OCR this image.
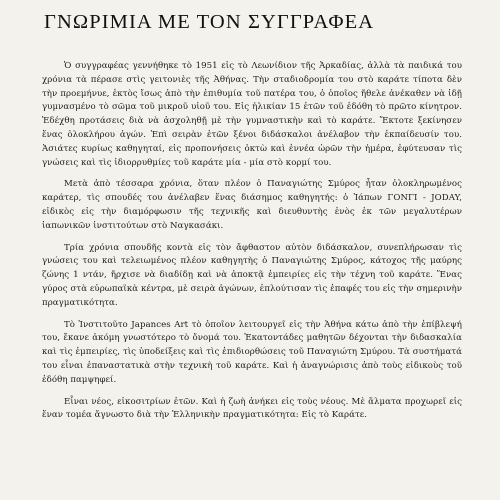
ΓΝΩΡΙΜΙΑ ΜΕ ΤΟΝ ΣΥΓΓΡΑΦΕΑ

Ὁ συγγραφέας γεννήθηκε τὸ 1951 εἰς τὸ Λεωνίδιον τῆς Ἀρκαδίας, ἀλλὰ τὰ παιδικά του χρόνια τὰ πέρασε στὶς γειτονιὲς τῆς Ἀθήνας. Τὴν σταδιοδρομία του στὸ καράτε τίποτα δὲν τὴν προεμήνυε, ἐκτὸς ἴσως ἀπὸ τὴν ἐπιθυμία τοῦ πατέρα του, ὁ ὁποῖος ἤθελε ἀνέκαθεν νὰ ἰδῇ γυμνασμένο τὸ σῶμα τοῦ μικροῦ υἱοῦ του. Εἰς ἡλικίαν 15 ἐτῶν τοῦ ἐδόθη τὸ πρῶτο κίνητρον. Ἐδέχθη προτάσεις διὰ νὰ ἀσχοληθῇ μὲ τὴν γυμναστικὴν καὶ τὸ καράτε. Ἔκτοτε ξεκίνησεν ἕνας ὁλοκλήρου ἀγών. Ἐπὶ σειρὰν ἐτῶν ξένοι διδάσκαλοι ἀνέλαβον τὴν ἐκπαίδευσίν του. Ἀσιάτες κυρίως καθηγηταί, εἰς προπονήσεις ὀκτὼ καὶ ἐννέα ὡρῶν τὴν ἡμέρα, ἐφύτευσαν τὶς γνώσεις καὶ τὶς ἰδιορρυθμίες τοῦ καράτε μία - μία στὸ κορμί του.

Μετὰ ἀπὸ τέσσαρα χρόνια, ὅταν πλέον ὁ Παναγιώτης Σμύρος ἦταν ὁλοκληρωμένος καράτερ, τὶς σπουδές του ἀνέλαβεν ἕνας διάσημος καθηγητής: ὁ Ἰάπων ΓΟΝΓΙ - JODAY, εἰδικὸς εἰς τὴν διαμόρφωσιν τῆς τεχνικῆς καὶ διευθυντὴς ἑνὸς ἐκ τῶν μεγαλυτέρων ἰαπωνικῶν ἰνστιτούτων στὸ Ναγκασάκι.

Τρία χρόνια σπουδῆς κοντὰ εἰς τὸν ἄφθαστον αὐτὸν διδάσκαλον, συνεπλήρωσαν τὶς γνώσεις του καὶ τελειωμένος πλέον καθηγητὴς ὁ Παναγιώτης Σμύρος, κάτοχος τῆς μαύρης ζώνης 1 ντάν, ἤρχισε νὰ διαδίδῃ καὶ νὰ ἀποκτᾷ ἐμπειρίες εἰς τὴν τέχνη τοῦ καράτε. Ἕνας γύρος στὰ εὐρωπαϊκὰ κέντρα, μὲ σειρὰ ἀγώνων, ἐπλούτισαν τὶς ἐπαφές του εἰς τὴν σημερινὴν πραγματικότητα.

Τὸ Ἰνστιτοῦτο Japances Art τὸ ὁποῖον λειτουργεῖ εἰς τὴν Ἀθήνα κάτω ἀπὸ τὴν ἐπίβλεψή του, ἔκανε ἀκόμη γνωστότερο τὸ ὄνομά του. Ἑκατοντάδες μαθητῶν δέχονται τὴν διδασκαλία καὶ τὶς ἐμπειρίες, τὶς ὑποδείξεις καὶ τὶς ἐπιδιορθώσεις τοῦ Παναγιώτη Σμύρου. Τὰ συστήματά του εἶναι ἐπαναστατικὰ στὴν τεχνικὴ τοῦ καράτε. Καὶ ἡ ἀναγνώρισις ἀπὸ τοὺς εἰδικοὺς τοῦ ἐδόθη παμψηφεί.

Εἶναι νέος, εἰκοσιτρίων ἐτῶν. Καὶ ἡ ζωὴ ἀνήκει εἰς τοὺς νέους. Μὲ ἅλματα προχωρεῖ εἰς ἕναν τομέα ἄγνωστο διὰ τὴν Ἑλληνικὴν πραγματικότητα: Εἰς τὸ Καράτε.
